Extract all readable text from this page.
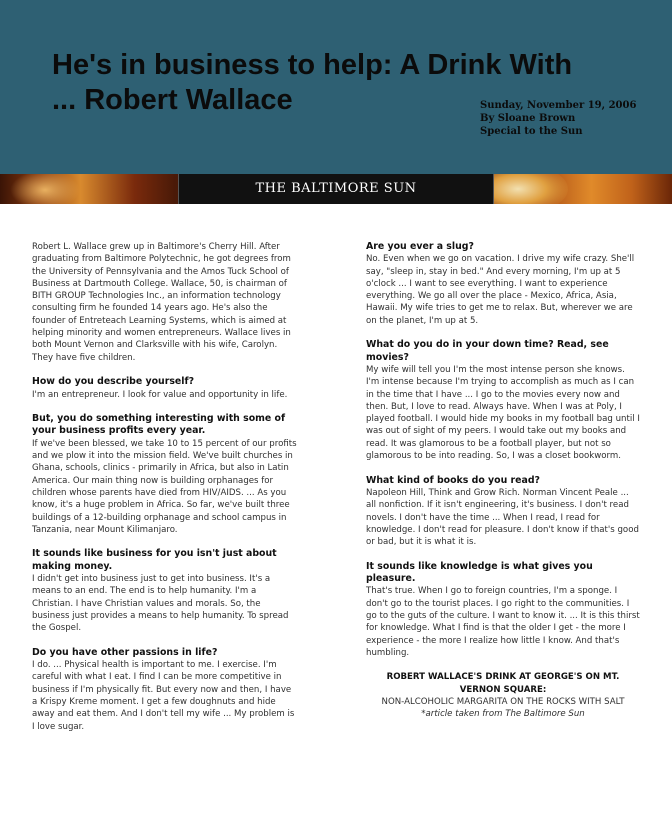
He's in business to help: A Drink With
... Robert Wallace	Sunday, November 19, 2006
By Sloane Brown
Special to the Sun
THE BALTIMORE SUN

Robert L. Wallace grew up in Baltimore's Cherry Hill. After graduating from Baltimore Polytechnic, he got degrees from the University of Pennsylvania and the Amos Tuck School of Business at Dartmouth College. Wallace, 50, is chairman of BITH GROUP Technologies Inc., an information technology consulting firm he founded 14 years ago. He's also the founder of Entreteach Learning Systems, which is aimed at helping minority and women entrepreneurs. Wallace lives in both Mount Vernon and Clarksville with his wife, Carolyn. They have five children.

How do you describe yourself?
I'm an entrepreneur. I look for value and opportunity in life.

But, you do something interesting with some of your business profits every year.
If we've been blessed, we take 10 to 15 percent of our profits and we plow it into the mission field. We've built churches in Ghana, schools, clinics - primarily in Africa, but also in Latin America. Our main thing now is building orphanages for children whose parents have died from HIV/AIDS. ... As you know, it's a huge problem in Africa. So far, we've built three buildings of a 12-building orphanage and school campus in Tanzania, near Mount Kilimanjaro.

It sounds like business for you isn't just about making money.
I didn't get into business just to get into business. It's a means to an end. The end is to help humanity. I'm a Christian. I have Christian values and morals. So, the business just provides a means to help humanity. To spread the Gospel.

Do you have other passions in life?
I do. ... Physical health is important to me. I exercise. I'm careful with what I eat. I find I can be more competitive in business if I'm physically fit. But every now and then, I have a Krispy Kreme moment. I get a few doughnuts and hide away and eat them. And I don't tell my wife ... My problem is I love sugar.

Are you ever a slug?
No. Even when we go on vacation. I drive my wife crazy. She'll say, "sleep in, stay in bed." And every morning, I'm up at 5 o'clock ... I want to see everything. I want to experience everything. We go all over the place - Mexico, Africa, Asia, Hawaii. My wife tries to get me to relax. But, wherever we are on the planet, I'm up at 5.

What do you do in your down time? Read, see movies?
My wife will tell you I'm the most intense person she knows. I'm intense because I'm trying to accomplish as much as I can in the time that I have ... I go to the movies every now and then. But, I love to read. Always have. When I was at Poly, I played football. I would hide my books in my football bag until I was out of sight of my peers. I would take out my books and read. It was glamorous to be a football player, but not so glamorous to be into reading. So, I was a closet bookworm.

What kind of books do you read?
Napoleon Hill, Think and Grow Rich. Norman Vincent Peale ... all nonfiction. If it isn't engineering, it's business. I don't read novels. I don't have the time ... When I read, I read for knowledge. I don't read for pleasure. I don't know if that's good or bad, but it is what it is.

It sounds like knowledge is what gives you pleasure.
That's true. When I go to foreign countries, I'm a sponge. I don't go to the tourist places. I go right to the communities. I go to the guts of the culture. I want to know it. ... It is this thirst for knowledge. What I find is that the older I get - the more I experience - the more I realize how little I know. And that's humbling.

ROBERT WALLACE'S DRINK AT GEORGE'S ON MT. VERNON SQUARE:
NON-ALCOHOLIC MARGARITA ON THE ROCKS WITH SALT
*article taken from The Baltimore Sun
